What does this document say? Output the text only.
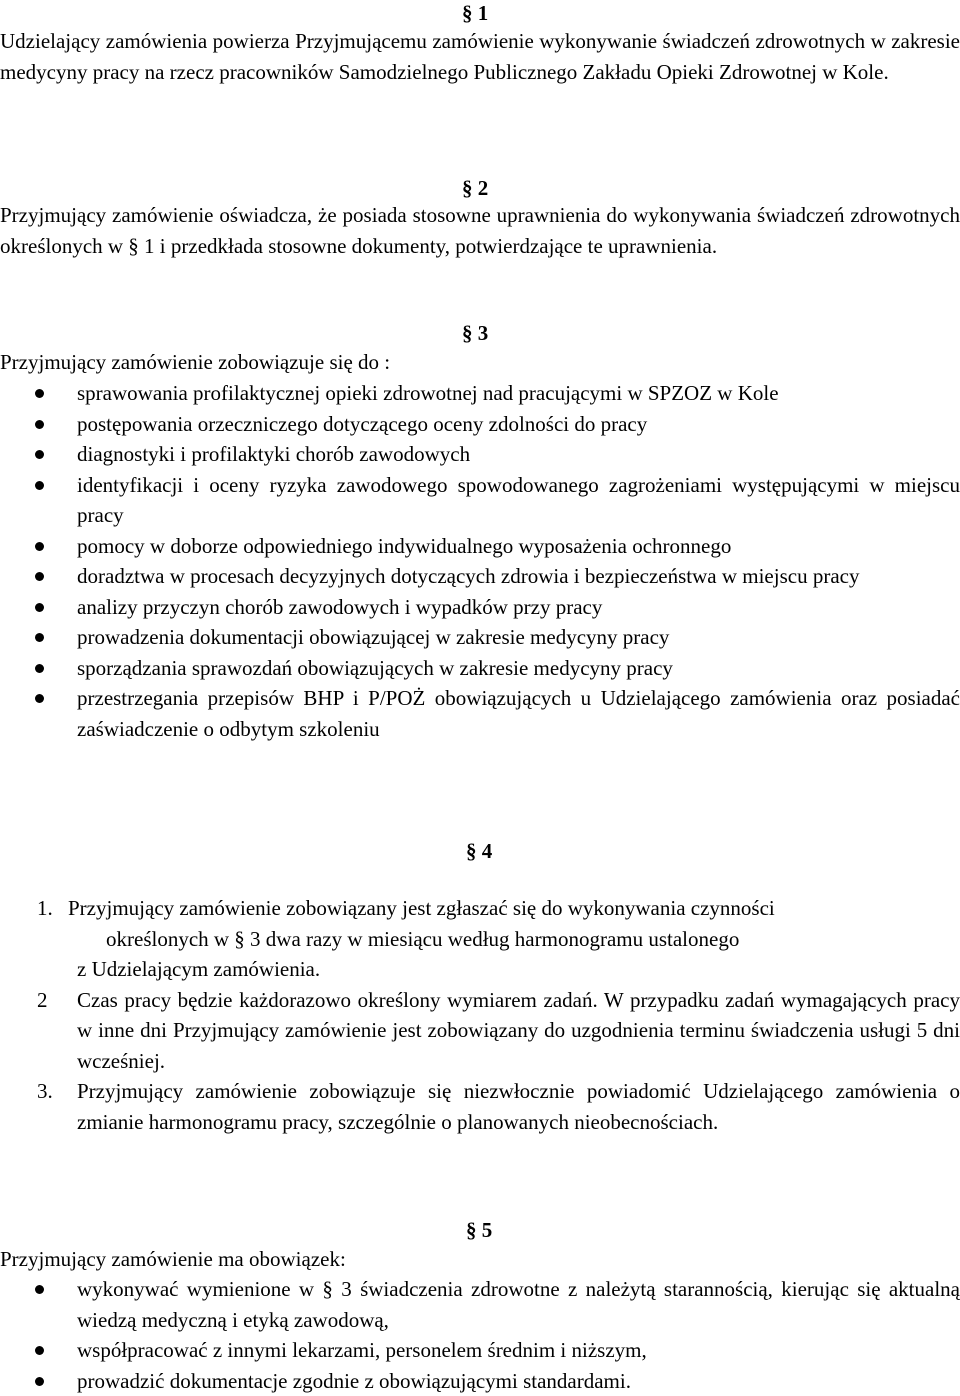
§ 1
Udzielający zamówienia powierza Przyjmującemu zamówienie wykonywanie świadczeń zdrowotnych w zakresie medycyny pracy na rzecz pracowników Samodzielnego Publicznego Zakładu Opieki Zdrowotnej w Kole.
§ 2
Przyjmujący zamówienie oświadcza, że posiada stosowne uprawnienia do wykonywania świadczeń zdrowotnych określonych w § 1 i przedkłada stosowne dokumenty, potwierdzające te uprawnienia.
§ 3
Przyjmujący zamówienie zobowiązuje się do :
sprawowania profilaktycznej opieki zdrowotnej nad pracującymi w SPZOZ w Kole
postępowania orzeczniczego dotyczącego oceny zdolności do pracy
diagnostyki i profilaktyki chorób zawodowych
identyfikacji i oceny ryzyka zawodowego spowodowanego zagrożeniami występującymi w miejscu pracy
pomocy w doborze odpowiedniego indywidualnego wyposażenia ochronnego
doradztwa w procesach decyzyjnych dotyczących zdrowia i bezpieczeństwa w miejscu pracy
analizy przyczyn chorób zawodowych i wypadków przy pracy
prowadzenia dokumentacji obowiązującej w zakresie medycyny pracy
sporządzania sprawozdań obowiązujących w zakresie medycyny pracy
przestrzegania przepisów BHP i P/POŻ obowiązujących u Udzielającego zamówienia oraz posiadać zaświadczenie o odbytym szkoleniu
§ 4
1. Przyjmujący zamówienie zobowiązany jest zgłaszać się do wykonywania czynności
określonych w § 3 dwa razy w miesiącu według harmonogramu ustalonego
z Udzielającym zamówienia.
2 Czas pracy będzie każdorazowo określony wymiarem zadań. W przypadku zadań wymagających pracy w inne dni Przyjmujący zamówienie jest zobowiązany do uzgodnienia terminu świadczenia usługi 5 dni wcześniej.
3. Przyjmujący zamówienie zobowiązuje się niezwłocznie powiadomić Udzielającego zamówienia o zmianie harmonogramu pracy, szczególnie o planowanych nieobecnościach.
§ 5
Przyjmujący zamówienie ma obowiązek:
wykonywać wymienione w § 3 świadczenia zdrowotne z należytą starannością, kierując się aktualną wiedzą medyczną i etyką zawodową,
współpracować z innymi lekarzami, personelem średnim i niższym,
prowadzić dokumentacje zgodnie z obowiązującymi standardami.
